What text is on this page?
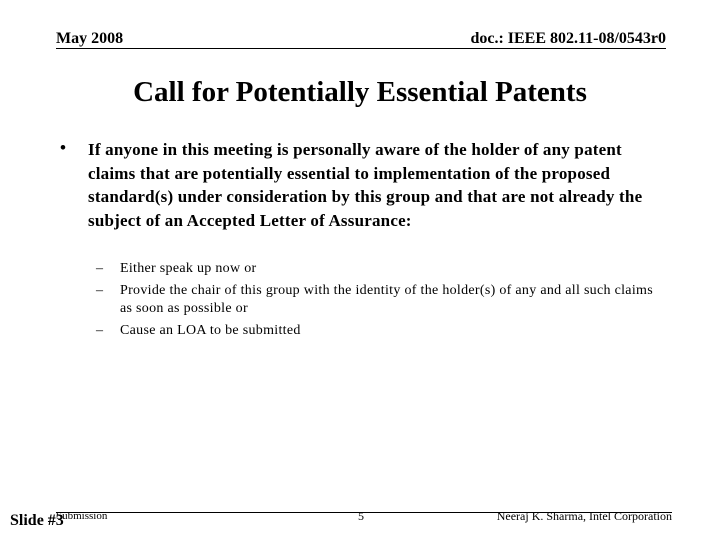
May 2008	doc.: IEEE 802.11-08/0543r0
Call for Potentially Essential Patents
• If anyone in this meeting is personally aware of the holder of any patent claims that are potentially essential to implementation of the proposed standard(s) under consideration by this group and that are not already the subject of an Accepted Letter of Assurance:
– Either speak up now or
– Provide the chair of this group with the identity of the holder(s) of any and all such claims as soon as possible or
– Cause an LOA to be submitted
Slide #3
Submission	5	Neeraj K. Sharma, Intel Corporation
